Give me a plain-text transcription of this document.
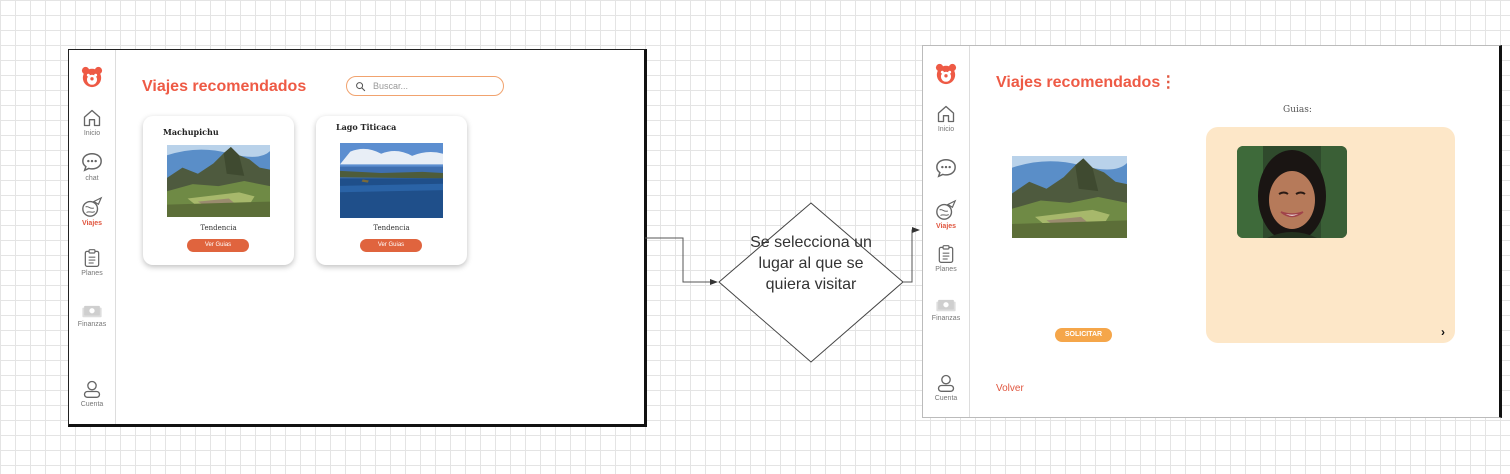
Inicio
chat
Viajes
Planes
Finanzas
Cuenta
Viajes recomendados	Buscar...
Machupichu
Tendencia
Ver Guias
Lago Titicaca
Tendencia
Ver Guias	Se selecciona un lugar al que se quiera visitar
Inicio
Viajes
Planes
Finanzas
Cuenta
Viajes recomendados⋮
SOLICITAR
Guias:
›
Volver
